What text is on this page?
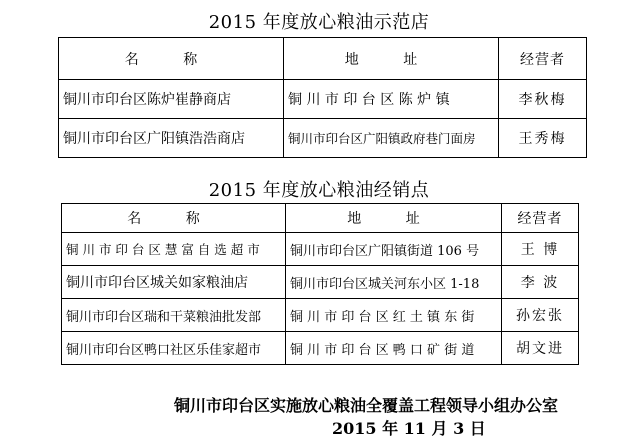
2015 年度放心粮油示范店
名 称	地 址	经营者
铜川市印台区陈炉崔静商店	铜 川 市 印 台 区 陈 炉 镇	李秋梅
铜川市印台区广阳镇浩浩商店	铜川市印台区广阳镇政府巷门面房	王秀梅
2015 年度放心粮油经销点
名 称	地 址	经营者
铜 川 市 印 台 区 慧 富 自 选 超 市	铜川市印台区广阳镇街道 106 号	王 博
铜川市印台区城关如家粮油店	铜川市印台区城关河东小区 1-18	李 波
铜川市印台区瑞和干菜粮油批发部	铜 川 市 印 台 区 红 土 镇 东 街	孙宏张
铜川市印台区鸭口社区乐佳家超市	铜 川 市 印 台 区 鸭 口 矿 街 道	胡文进
铜川市印台区实施放心粮油全覆盖工程领导小组办公室
2015 年 11 月 3 日
